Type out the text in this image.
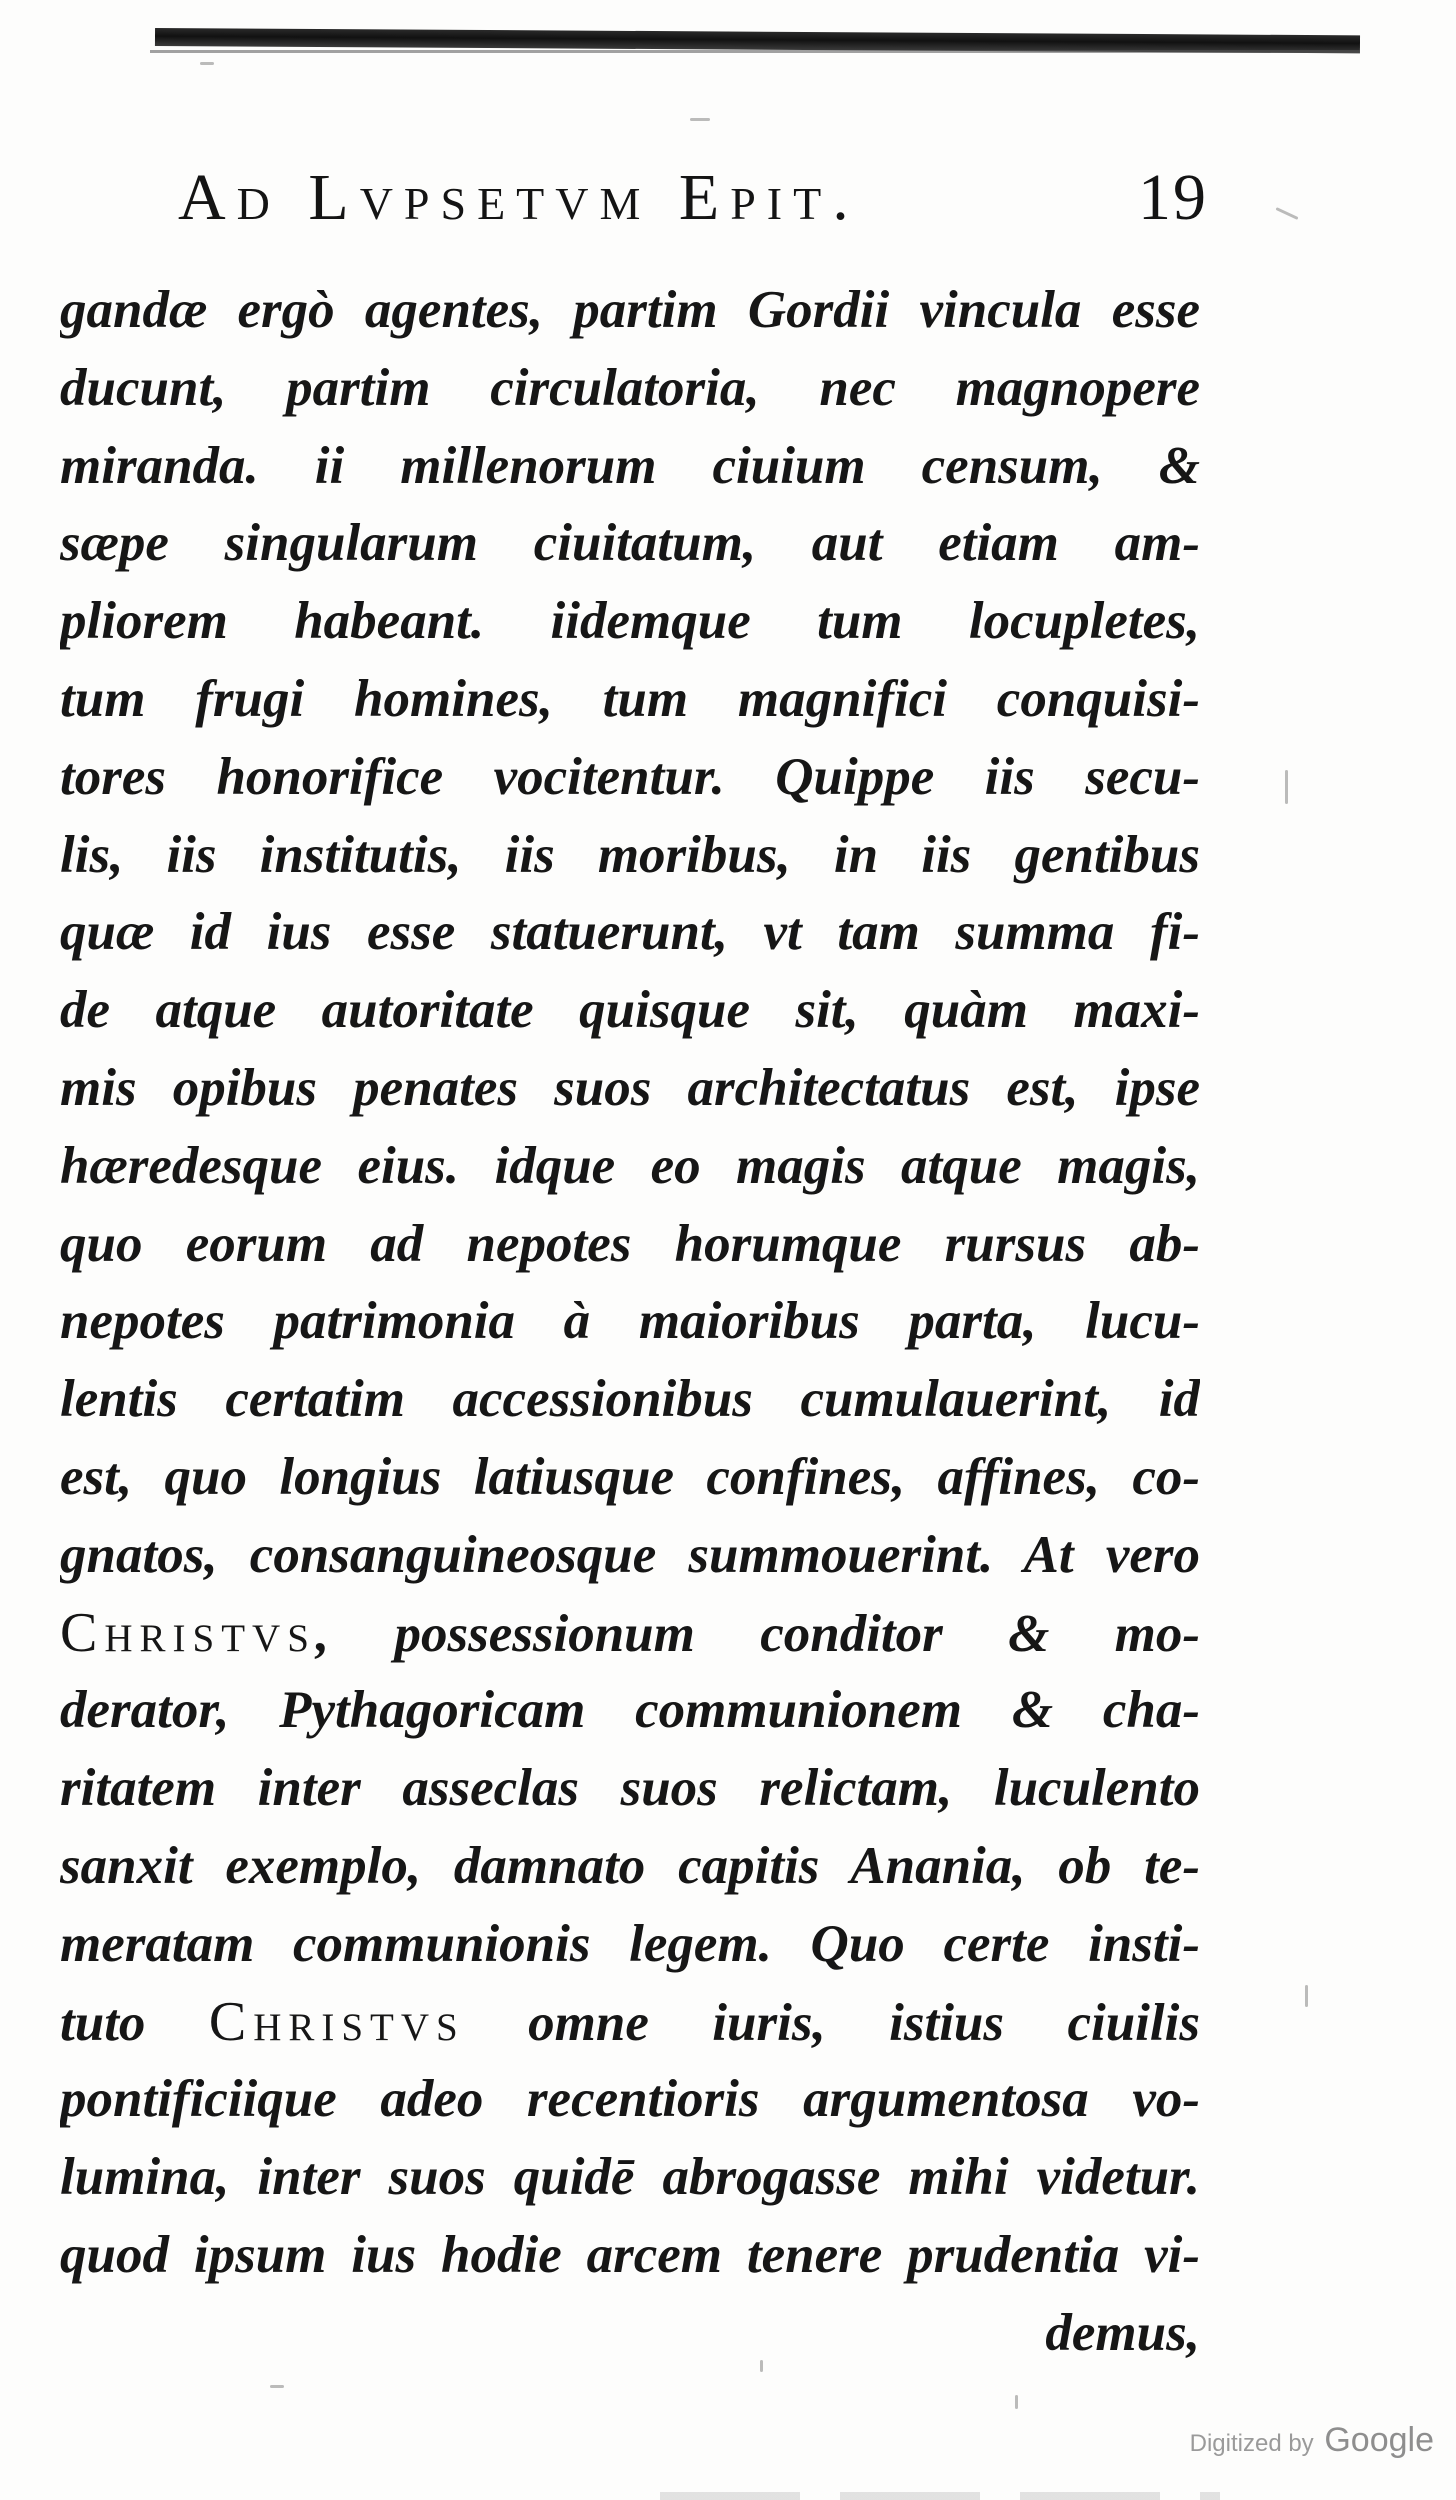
Ad Lvpsetvm Epit.	19
gandæ ergò agentes, partim Gordii vincula esse
ducunt, partim circulatoria, nec magnopere
miranda. ii millenorum ciuium censum, &
sæpe singularum ciuitatum, aut etiam am-
pliorem habeant. iidemque tum locupletes,
tum frugi homines, tum magnifici conquisi-
tores honorifice vocitentur. Quippe iis secu-
lis, iis institutis, iis moribus, in iis gentibus
quæ id ius esse statuerunt, vt tam summa fi-
de atque autoritate quisque sit, quàm maxi-
mis opibus penates suos architectatus est, ipse
hæredesque eius. idque eo magis atque magis,
quo eorum ad nepotes horumque rursus ab-
nepotes patrimonia à maioribus parta, lucu-
lentis certatim accessionibus cumulauerint, id
est, quo longius latiusque confines, affines, co-
gnatos, consanguineosque summouerint. At vero
Christvs, possessionum conditor & mo-
derator, Pythagoricam communionem & cha-
ritatem inter asseclas suos relictam, luculento
sanxit exemplo, damnato capitis Anania, ob te-
meratam communionis legem. Quo certe insti-
tuto Christvs omne iuris, istius ciuilis
pontificiique adeo recentioris argumentosa vo-
lumina, inter suos quidē abrogasse mihi videtur.
quod ipsum ius hodie arcem tenere prudentia vi-
demus,
Digitized by Google
